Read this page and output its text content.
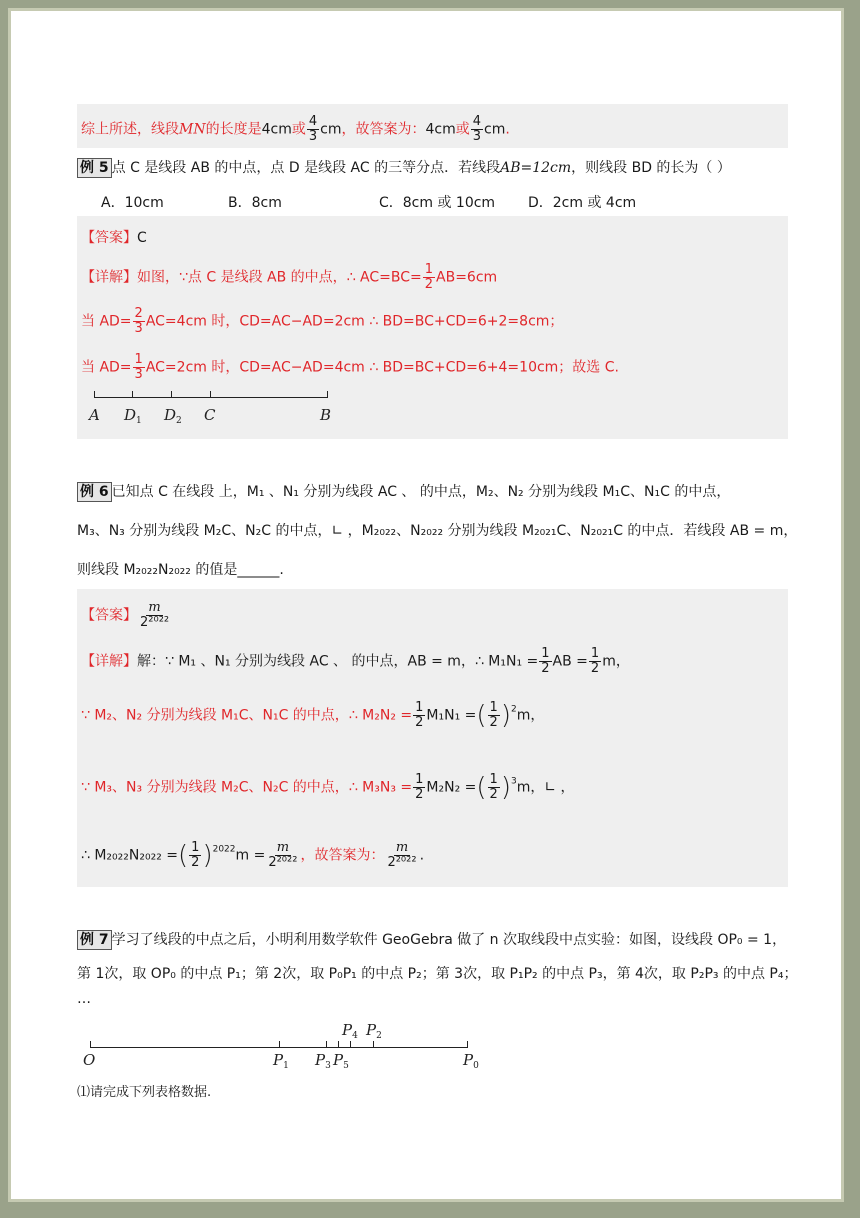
综上所述，线段MN的长度是4cm或 $\frac{4}{3}$ cm，故答案为：4cm或 $\frac{4}{3}$ cm.
例 5 点 C 是线段 AB 的中点，点 D 是线段 AC 的三等分点．若线段AB=12cm，则线段 BD 的长为（ ）
A．10cm	B．8cm	C．8cm 或 10cm D．2cm 或 4cm
【答案】C
【详解】如图，∵点 C 是线段 AB 的中点，∴ $AC=BC= \frac{1}{2} AB=6cm$
当 $AD= \frac{2}{3} AC=4cm$ 时，CD=AC−AD=2cm ∴ BD=BC+CD=6+2=8cm；
当 $AD= \frac{1}{3} AC=2cm$ 时，CD=AC−AD=4cm ∴ BD=BC+CD=6+4=10cm；故选 C.
A $D_1$ $D_2$ C	B
例 6 已知点 C 在线段 上，M₁ 、N₁ 分别为线段 AC 、 的中点，M₂、N₂ 分别为线段 M₁C、N₁C 的中点，
M₃、N₃ 分别为线段 M₂C、N₂C 的中点，∟ ，M₂₀₂₂、N₂₀₂₂ 分别为线段 M₂₀₂₁C、N₂₀₂₁C 的中点．若线段 AB = m，
则线段 M₂₀₂₂N₂₀₂₂ 的值是______.
【答案】 $\frac{m}{\text{2²⁰²²}}$
【详解】解：∵ M₁ 、N₁ 分别为线段 AC 、 的中点，AB = m，∴ $M_1N_1 = \frac{1}{2}$ AB = $\frac{1}{2}$ m，
∵ M₂、N₂ 分别为线段 M₁C、N₁C 的中点，∴ $M_2N_2 = \frac{1}{2} M_1N_1$ =( $\frac{1}{2} )^2m$，
∵ M₃、N₃ 分别为线段 M₂C、N₂C 的中点，∴ $M_3N_3 = \frac{1}{2} M_2N_2$ =( $\frac{1}{2} )^3m$，∟ ，
∴ M₂₀₂₂N₂₀₂₂ =( $\frac{1}{2} )^{2022}m = \frac{m}{\text{2²⁰²²}}$ ，故答案为： $\frac{m}{\text{2²⁰²²}}$ .
例 7 学习了线段的中点之后，小明利用数学软件 GeoGebra 做了 n 次取线段中点实验：如图，设线段 OP₀ = 1，
第 1次，取 OP₀ 的中点 P₁；第 2次，取 P₀P₁ 的中点 P₂；第 3次，取 P₁P₂ 的中点 P₃，第 4次，取 P₂P₃ 的中点 P₄；
…
O	$P_1$ $P_3$ $P_5$
$P_4$ $P_2$
$P_0$
⑴请完成下列表格数据.
